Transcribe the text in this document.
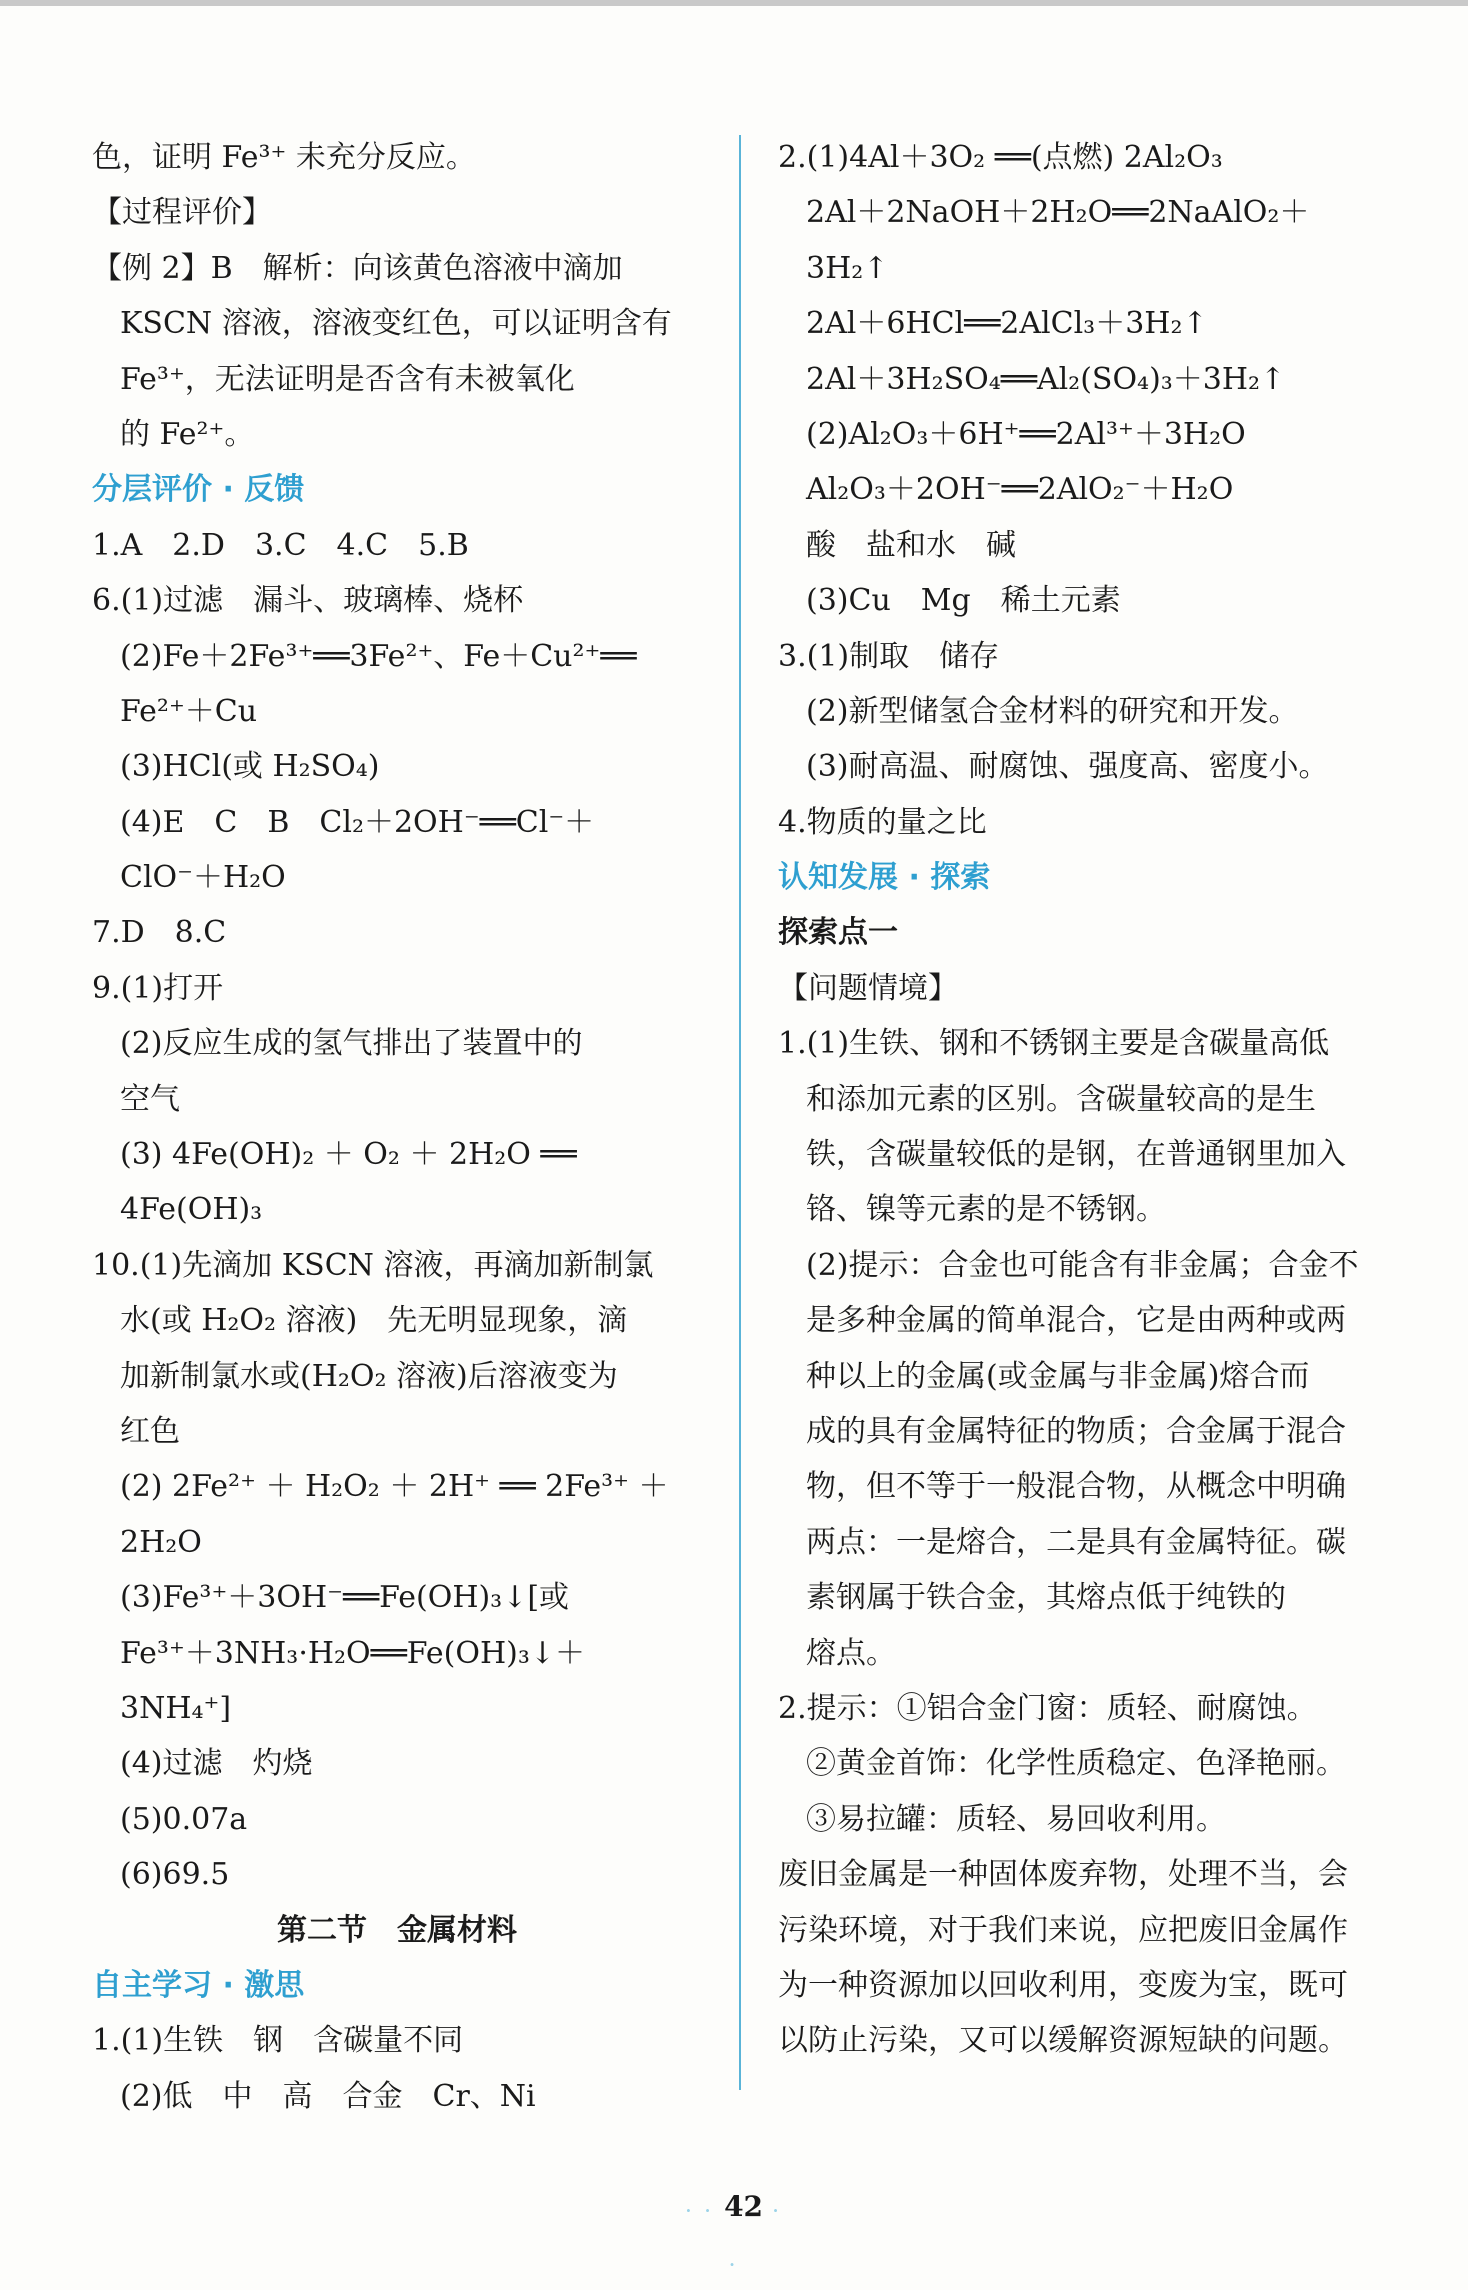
色，证明 Fe³⁺ 未充分反应。
【过程评价】
【例 2】B　解析：向该黄色溶液中滴加
KSCN 溶液，溶液变红色，可以证明含有
Fe³⁺，无法证明是否含有未被氧化
的 Fe²⁺。
分层评价 · 反馈
1.A　2.D　3.C　4.C　5.B
6.(1)过滤　漏斗、玻璃棒、烧杯
(2)Fe＋2Fe³⁺══3Fe²⁺、Fe＋Cu²⁺══
Fe²⁺＋Cu
(3)HCl(或 H₂SO₄)
(4)E　C　B　Cl₂＋2OH⁻══Cl⁻＋
ClO⁻＋H₂O
7.D　8.C
9.(1)打开
(2)反应生成的氢气排出了装置中的
空气
(3) 4Fe(OH)₂ ＋ O₂ ＋ 2H₂O ══
4Fe(OH)₃
10.(1)先滴加 KSCN 溶液，再滴加新制氯
水(或 H₂O₂ 溶液)　先无明显现象，滴
加新制氯水或(H₂O₂ 溶液)后溶液变为
红色
(2) 2Fe²⁺ ＋ H₂O₂ ＋ 2H⁺ ══ 2Fe³⁺ ＋
2H₂O
(3)Fe³⁺＋3OH⁻══Fe(OH)₃↓[或
Fe³⁺＋3NH₃·H₂O══Fe(OH)₃↓＋
3NH₄⁺]
(4)过滤　灼烧
(5)0.07a
(6)69.5
第二节　金属材料
自主学习 · 激思
1.(1)生铁　钢　含碳量不同
(2)低　中　高　合金　Cr、Ni
2.(1)4Al＋3O₂ ══(点燃) 2Al₂O₃
2Al＋2NaOH＋2H₂O══2NaAlO₂＋
3H₂↑
2Al＋6HCl══2AlCl₃＋3H₂↑
2Al＋3H₂SO₄══Al₂(SO₄)₃＋3H₂↑
(2)Al₂O₃＋6H⁺══2Al³⁺＋3H₂O
Al₂O₃＋2OH⁻══2AlO₂⁻＋H₂O
酸　盐和水　碱
(3)Cu　Mg　稀土元素
3.(1)制取　储存
(2)新型储氢合金材料的研究和开发。
(3)耐高温、耐腐蚀、强度高、密度小。
4.物质的量之比
认知发展 · 探索
探索点一
【问题情境】
1.(1)生铁、钢和不锈钢主要是含碳量高低
和添加元素的区别。含碳量较高的是生
铁，含碳量较低的是钢，在普通钢里加入
铬、镍等元素的是不锈钢。
(2)提示：合金也可能含有非金属；合金不
是多种金属的简单混合，它是由两种或两
种以上的金属(或金属与非金属)熔合而
成的具有金属特征的物质；合金属于混合
物，但不等于一般混合物，从概念中明确
两点：一是熔合，二是具有金属特征。碳
素钢属于铁合金，其熔点低于纯铁的
熔点。
2.提示：①铝合金门窗：质轻、耐腐蚀。
②黄金首饰：化学性质稳定、色泽艳丽。
③易拉罐：质轻、易回收利用。
废旧金属是一种固体废弃物，处理不当，会
污染环境，对于我们来说，应把废旧金属作
为一种资源加以回收利用，变废为宝，既可
以防止污染，又可以缓解资源短缺的问题。
· · 42 · ·
